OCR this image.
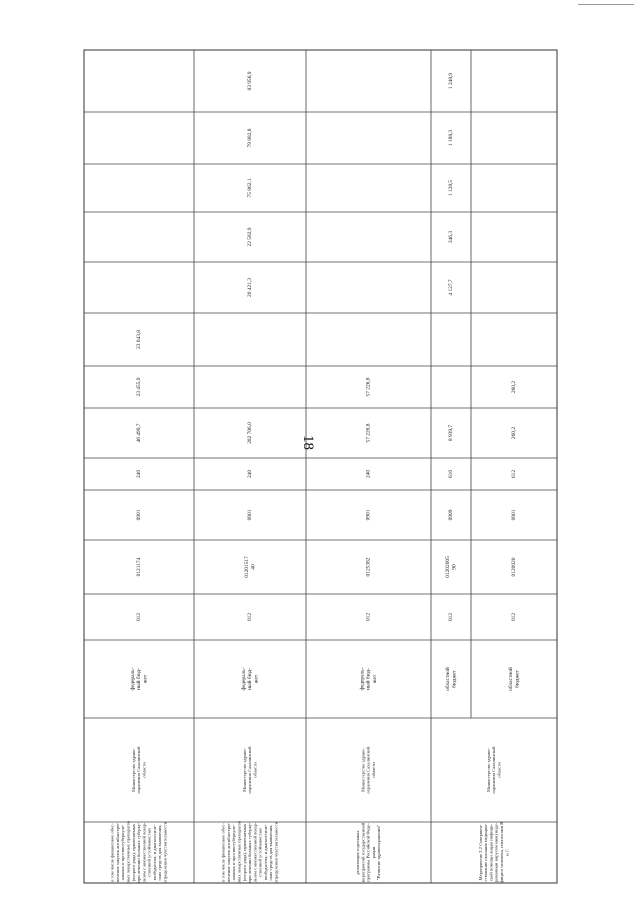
18
в том числе финансовое обес- печение закупок антибактери- альных и противотуберкуле- зных лекарственных препаратов (второго ряда), применяемых при лечении больных туберку- лезом с множественной лекар- ственной устойчивостью возбудителя, и диагностиче- ских средств для выявления, определения чувствительности
Министерство здраво- охранения Сахалинской области
федераль- ный бюд- жет
012
0121174
0901
240
46 499,7
23 455,9
23 043,8
в том числе финансовое обес- печение закупок антибактери- альных и противотуберкуле- зных лекарственных препаратов (второго ряда), применяемых при лечении больных туберку- лезом с множественной лекар- ственной устойчивостью возбудителя, и диагностиче- ских средств для выявления, определения чувствительности
Министерство здраво- охранения Сахалинской области
федераль- ный бюд- жет
012
01201517 40
0901
240
282 706,0
20 421,3
22 582,9
75 862,1
79 882,8
83 956,9
реализация отдельных мероприятий государственной программы Российской Феде- рации "Развитие здравоохранения"
Министерство здраво- охранения Сахалинской области
федераль- ный бюд- жет
012
0125382
0901
240
57 226,8
57 226,8
Мероприятие 2.2 Совершен- ствование оказания медицин- ской помощи лицам инфици- рованным вирусом иммуноде- фицита человека, гепатитами В и С
Министерство здраво- охранения Сахалинской области
областной бюджет
012
01202005 90
0909
610
8 939,7
4 127,7
346,3
1 128,5
1 188,3
1 248,9
областной бюджет
012
0120020
0901
612
260,2
260,2
